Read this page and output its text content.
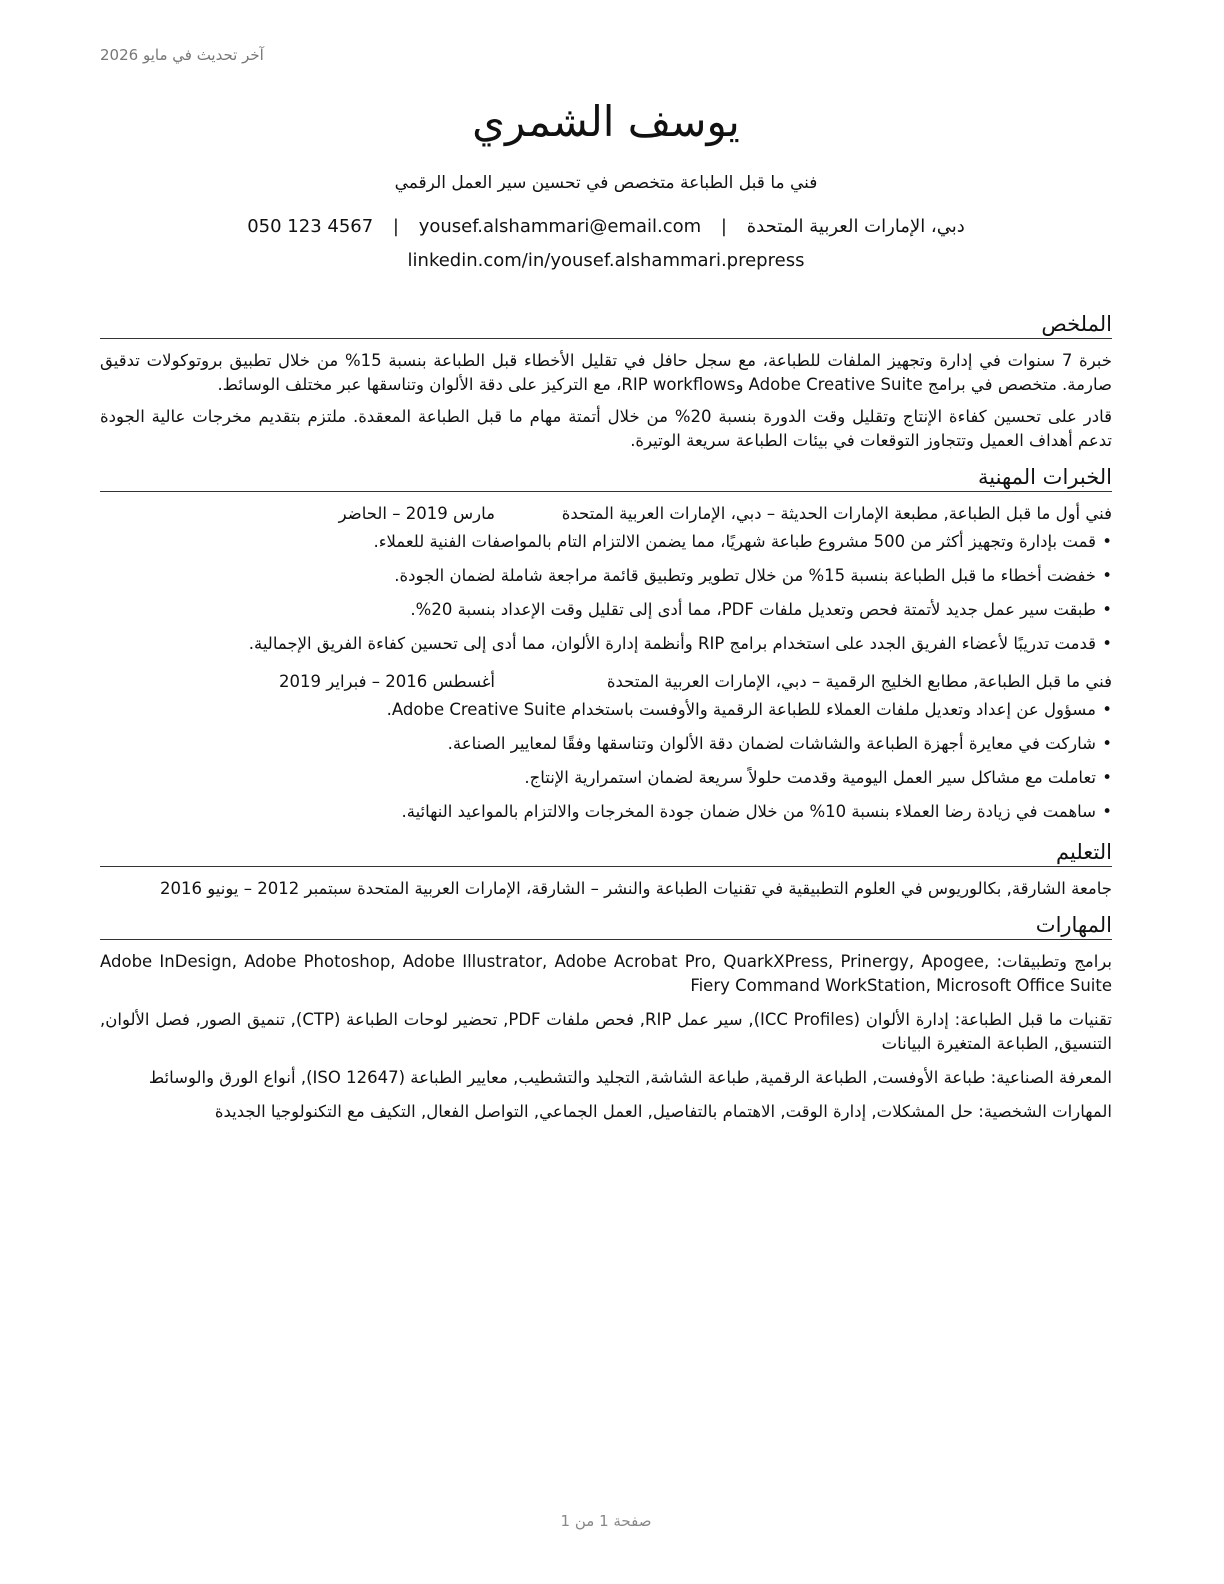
آخر تحديث في مايو 2026
يوسف الشمري
فني ما قبل الطباعة متخصص في تحسين سير العمل الرقمي
دبي، الإمارات العربية المتحدة | yousef.alshammari@email.com | 050 123 4567
linkedin.com/in/yousef.alshammari.prepress
الملخص

خبرة 7 سنوات في إدارة وتجهيز الملفات للطباعة، مع سجل حافل في تقليل الأخطاء قبل الطباعة بنسبة 15% من خلال تطبيق بروتوكولات تدقيق صارمة. متخصص في برامج Adobe Creative Suite وRIP workflows، مع التركيز على دقة الألوان وتناسقها عبر مختلف الوسائط.

قادر على تحسين كفاءة الإنتاج وتقليل وقت الدورة بنسبة 20% من خلال أتمتة مهام ما قبل الطباعة المعقدة. ملتزم بتقديم مخرجات عالية الجودة تدعم أهداف العميل وتتجاوز التوقعات في بيئات الطباعة سريعة الوتيرة.

الخبرات المهنية
فني أول ما قبل الطباعة, مطبعة الإمارات الحديثة – دبي، الإمارات العربية المتحدة
مارس 2019 – الحاضر
• قمت بإدارة وتجهيز أكثر من 500 مشروع طباعة شهريًا، مما يضمن الالتزام التام بالمواصفات الفنية للعملاء.
• خفضت أخطاء ما قبل الطباعة بنسبة 15% من خلال تطوير وتطبيق قائمة مراجعة شاملة لضمان الجودة.
• طبقت سير عمل جديد لأتمتة فحص وتعديل ملفات PDF، مما أدى إلى تقليل وقت الإعداد بنسبة 20%.
• قدمت تدريبًا لأعضاء الفريق الجدد على استخدام برامج RIP وأنظمة إدارة الألوان، مما أدى إلى تحسين كفاءة الفريق الإجمالية.
فني ما قبل الطباعة, مطابع الخليج الرقمية – دبي، الإمارات العربية المتحدة
أغسطس 2016 – فبراير 2019
• مسؤول عن إعداد وتعديل ملفات العملاء للطباعة الرقمية والأوفست باستخدام Adobe Creative Suite.
• شاركت في معايرة أجهزة الطباعة والشاشات لضمان دقة الألوان وتناسقها وفقًا لمعايير الصناعة.
• تعاملت مع مشاكل سير العمل اليومية وقدمت حلولاً سريعة لضمان استمرارية الإنتاج.
• ساهمت في زيادة رضا العملاء بنسبة 10% من خلال ضمان جودة المخرجات والالتزام بالمواعيد النهائية.
التعليم

جامعة الشارقة, بكالوريوس في العلوم التطبيقية في تقنيات الطباعة والنشر – الشارقة، الإمارات العربية المتحدة سبتمبر 2012 – يونيو 2016

المهارات

برامج وتطبيقات: Adobe InDesign, Adobe Photoshop, Adobe Illustrator, Adobe Acrobat Pro, QuarkXPress, Prinergy, Apogee, Fiery Command WorkStation, Microsoft Office Suite

تقنيات ما قبل الطباعة: إدارة الألوان (ICC Profiles), سير عمل RIP, فحص ملفات PDF, تحضير لوحات الطباعة (CTP), تنميق الصور, فصل الألوان, التنسيق, الطباعة المتغيرة البيانات

المعرفة الصناعية: طباعة الأوفست, الطباعة الرقمية, طباعة الشاشة, التجليد والتشطيب, معايير الطباعة (ISO 12647), أنواع الورق والوسائط

المهارات الشخصية: حل المشكلات, إدارة الوقت, الاهتمام بالتفاصيل, العمل الجماعي, التواصل الفعال, التكيف مع التكنولوجيا الجديدة

صفحة 1 من 1
